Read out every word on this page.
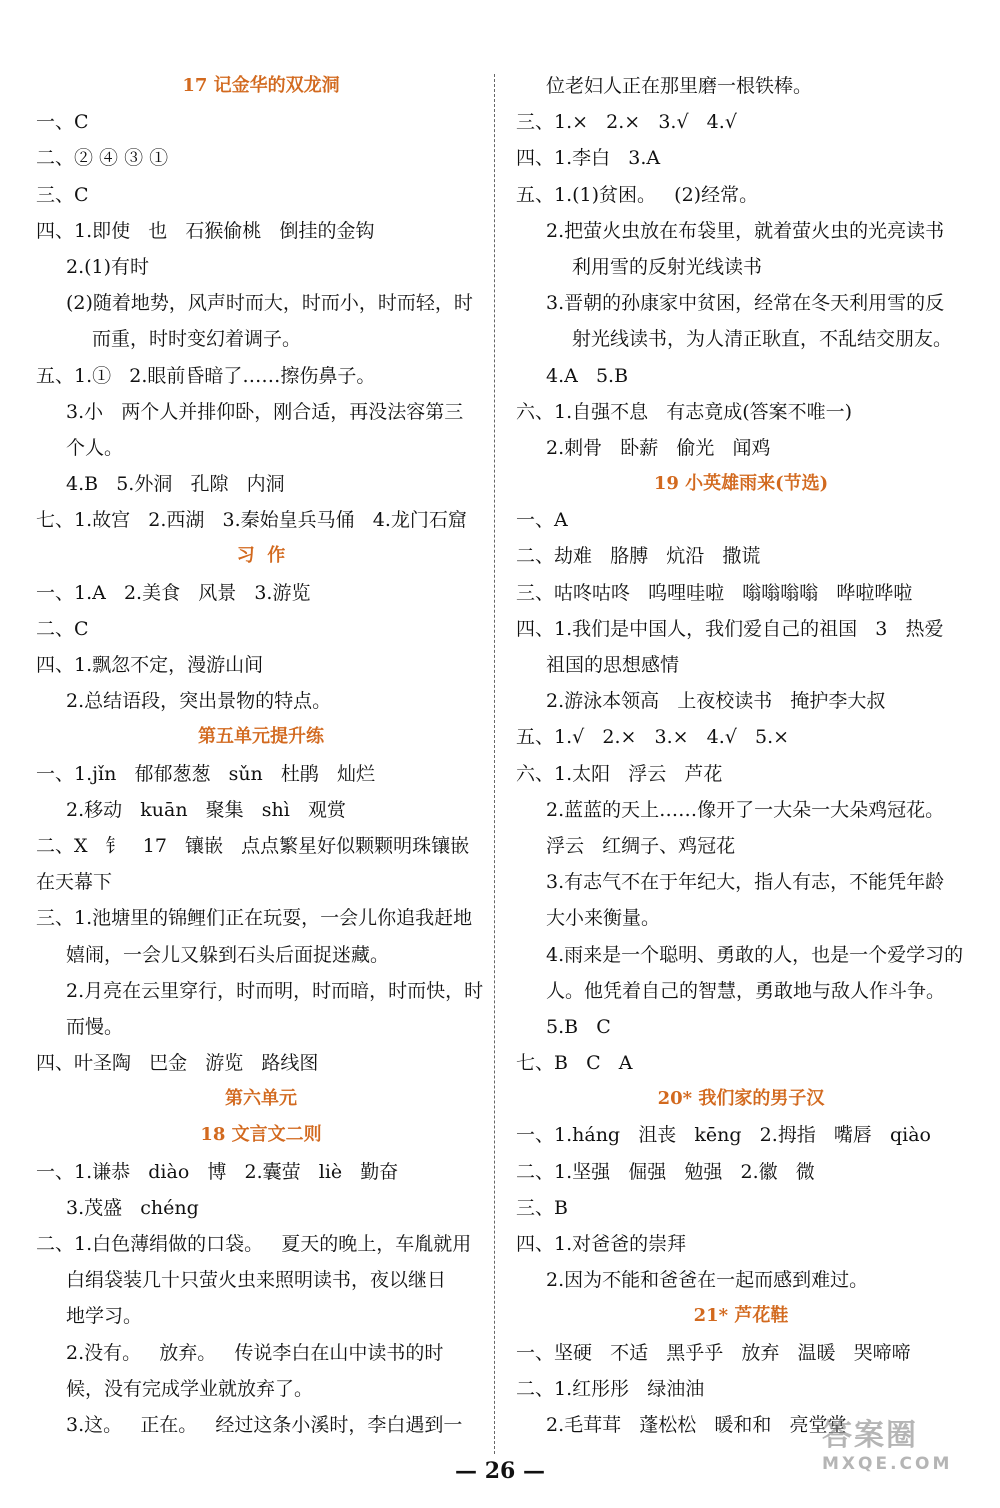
17 记金华的双龙洞
一、C
二、② ④ ③ ①
三、C
四、1.即使   也   石猴偷桃   倒挂的金钩
2.(1)有时
(2)随着地势，风声时而大，时而小，时而轻，时
而重，时时变幻着调子。
五、1.①   2.眼前昏暗了……擦伤鼻子。
3.小   两个人并排仰卧，刚合适，再没法容第三
个人。
4.B   5.外洞   孔隙   内洞
七、1.故宫   2.西湖   3.秦始皇兵马俑   4.龙门石窟
习  作
一、1.A   2.美食   风景   3.游览
二、C
四、1.飘忽不定，漫游山间
2.总结语段，突出景物的特点。
第五单元提升练
一、1.jǐn   郁郁葱葱   sǔn   杜鹃   灿烂
2.移动   kuān   聚集   shì   观赏
二、X   钅   17   镶嵌   点点繁星好似颗颗明珠镶嵌
在天幕下
三、1.池塘里的锦鲤们正在玩耍，一会儿你追我赶地
嬉闹，一会儿又躲到石头后面捉迷藏。
2.月亮在云里穿行，时而明，时而暗，时而快，时
而慢。
四、叶圣陶   巴金   游览   路线图
第六单元
18 文言文二则
一、1.谦恭   diào   博   2.囊萤   liè   勤奋
3.茂盛   chéng
二、1.白色薄绢做的口袋。   夏天的晚上，车胤就用
白绢袋装几十只萤火虫来照明读书，夜以继日
地学习。
2.没有。   放弃。   传说李白在山中读书的时
候，没有完成学业就放弃了。
3.这。   正在。   经过这条小溪时，李白遇到一
位老妇人正在那里磨一根铁棒。
三、1.×   2.×   3.√   4.√
四、1.李白   3.A
五、1.(1)贫困。   (2)经常。
2.把萤火虫放在布袋里，就着萤火虫的光亮读书
利用雪的反射光线读书
3.晋朝的孙康家中贫困，经常在冬天利用雪的反
射光线读书，为人清正耿直，不乱结交朋友。
4.A   5.B
六、1.自强不息   有志竟成(答案不唯一)
2.刺骨   卧薪   偷光   闻鸡
19 小英雄雨来(节选)
一、A
二、劫难   胳膊   炕沿   撒谎
三、咕咚咕咚   呜哩哇啦   嗡嗡嗡嗡   哗啦哗啦
四、1.我们是中国人，我们爱自己的祖国   3   热爱
祖国的思想感情
2.游泳本领高   上夜校读书   掩护李大叔
五、1.√   2.×   3.×   4.√   5.×
六、1.太阳   浮云   芦花
2.蓝蓝的天上……像开了一大朵一大朵鸡冠花。
浮云   红绸子、鸡冠花
3.有志气不在于年纪大，指人有志，不能凭年龄
大小来衡量。
4.雨来是一个聪明、勇敢的人，也是一个爱学习的
人。他凭着自己的智慧，勇敢地与敌人作斗争。
5.B   C
七、B   C   A
20* 我们家的男子汉
一、1.háng   沮丧   kēng   2.拇指   嘴唇   qiào
二、1.坚强   倔强   勉强   2.徽   微
三、B
四、1.对爸爸的崇拜
2.因为不能和爸爸在一起而感到难过。
21* 芦花鞋
一、坚硬   不适   黑乎乎   放弃   温暖   哭啼啼
二、1.红彤彤   绿油油
2.毛茸茸   蓬松松   暖和和   亮堂堂
— 26 —
答案圈
MXQE.COM
